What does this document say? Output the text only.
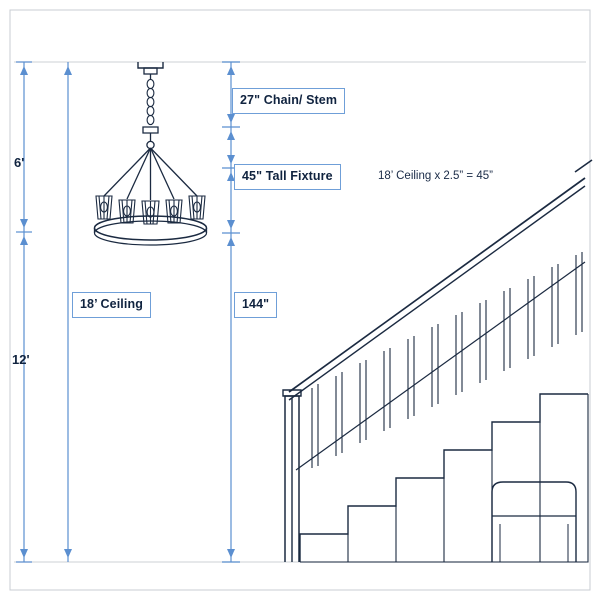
6'
12'
27" Chain/ Stem
45" Tall Fixture	18’ Ceiling x 2.5” = 45”
18’ Ceiling	144"
